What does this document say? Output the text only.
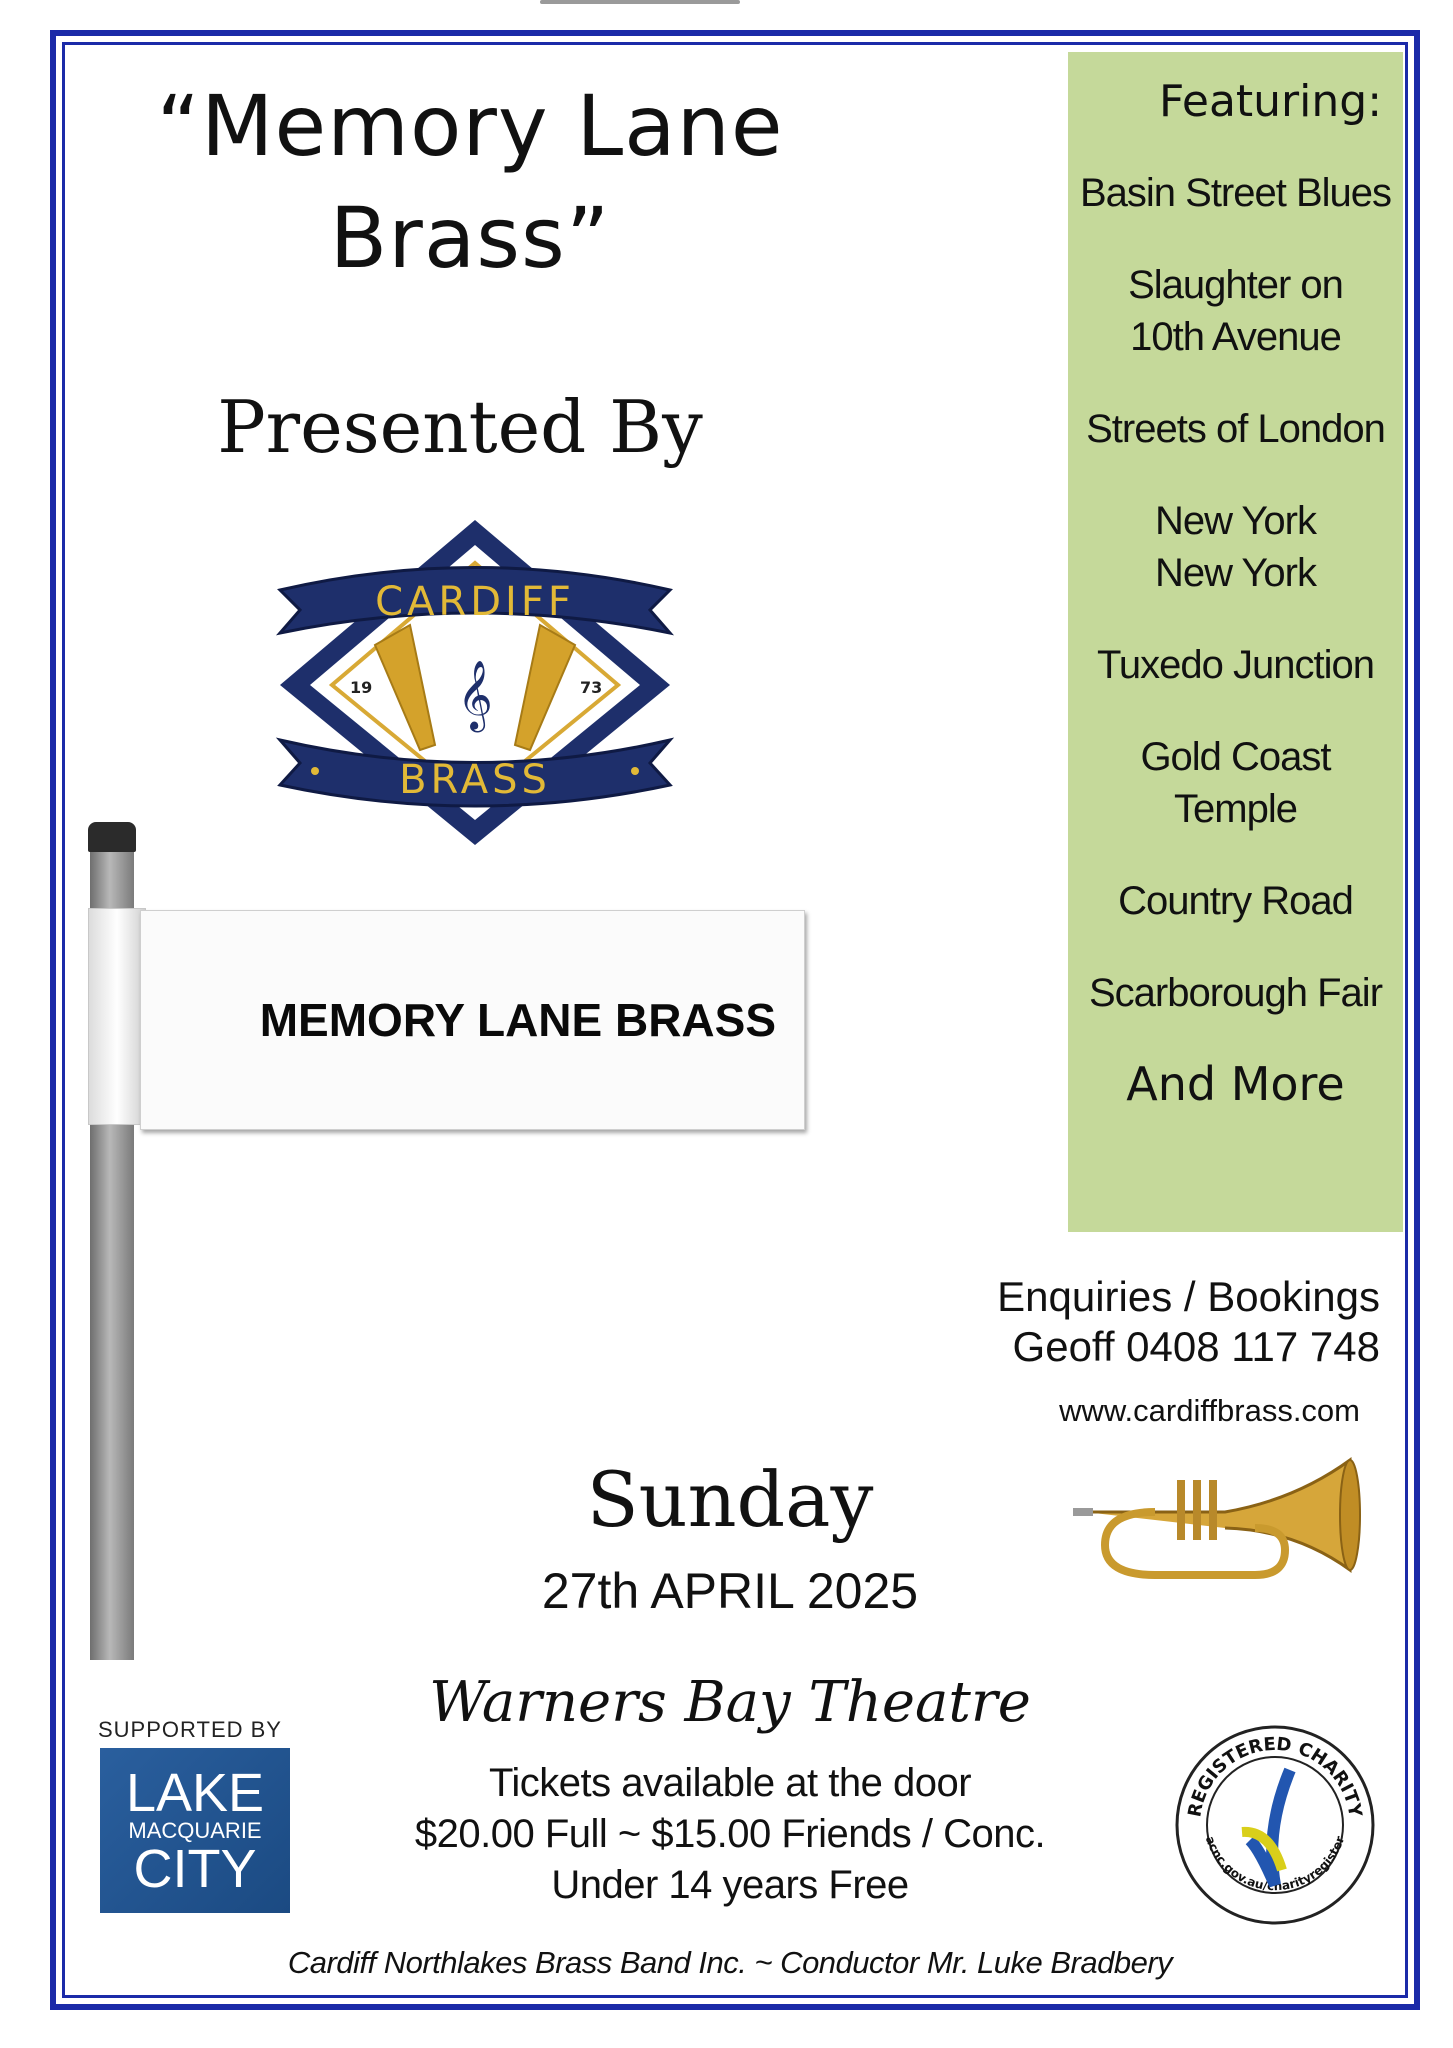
“Memory Lane Brass”
Presented By
CARDIFF
BRASS
19	73
𝄞
MEMORY LANE BRASS
Featuring:
Basin Street Blues
Slaughter on 10th Avenue
Streets of London
New York New York
Tuxedo Junction
Gold Coast Temple
Country Road
Scarborough Fair
And More
Enquiries / Bookings
Geoff 0408 117 748
www.cardiffbrass.com
Sunday
27th APRIL 2025
Warners Bay Theatre
Tickets available at the door
$20.00 Full ~ $15.00 Friends / Conc.
Under 14 years Free
SUPPORTED BY
LAKE
MACQUARIE
CITY
REGISTERED CHARITY
acnc.gov.au/charityregister
Cardiff Northlakes Brass Band Inc. ~ Conductor Mr. Luke Bradbery
